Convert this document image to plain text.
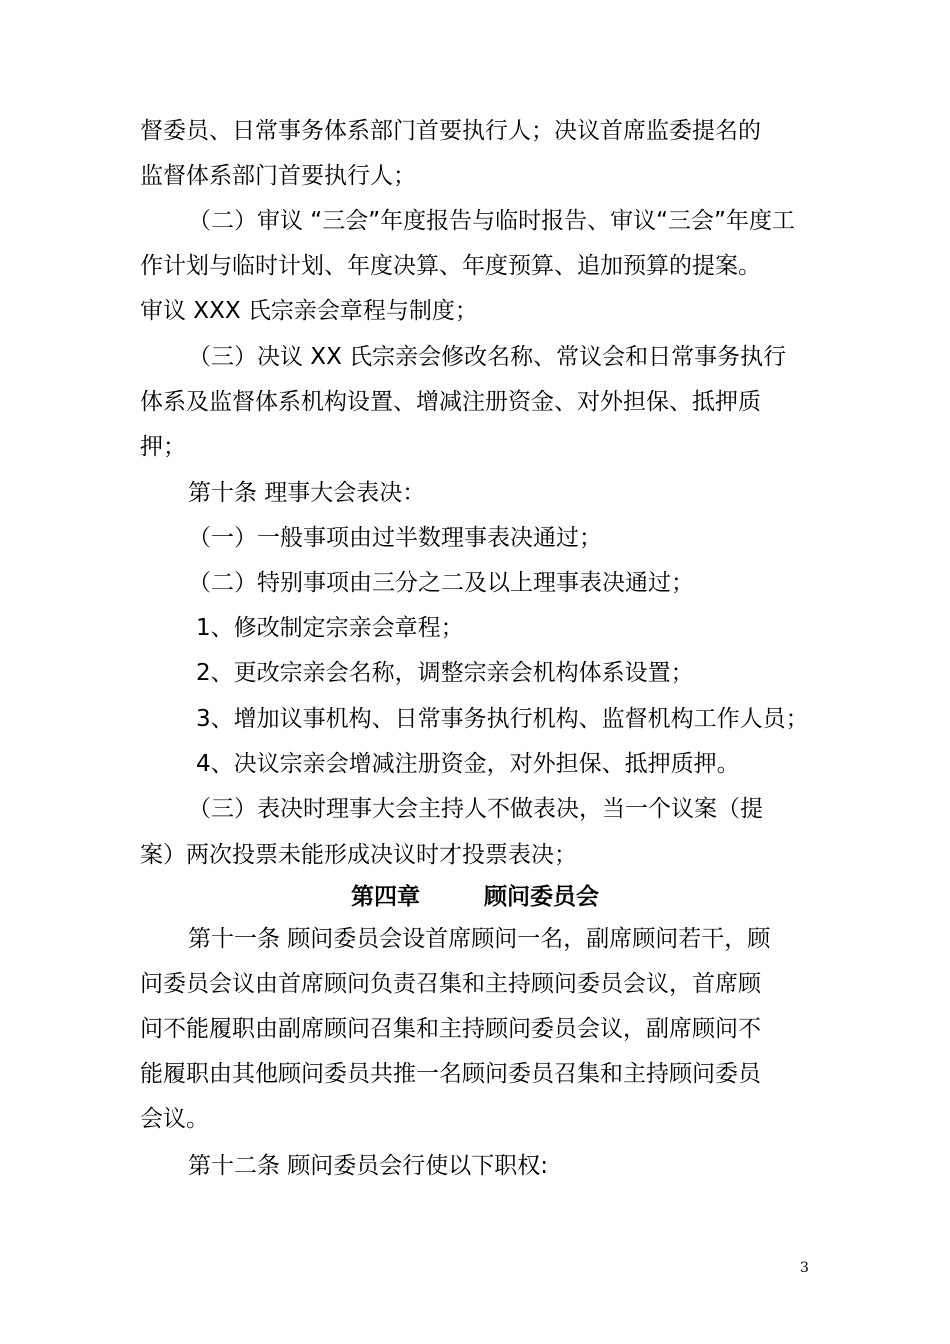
督委员、日常事务体系部门首要执行人；决议首席监委提名的
监督体系部门首要执行人；
（二）审议 “三会”年度报告与临时报告、审议“三会”年度工
作计划与临时计划、年度决算、年度预算、追加预算的提案。
审议 XXX 氏宗亲会章程与制度；
（三）决议 XX 氏宗亲会修改名称、常议会和日常事务执行
体系及监督体系机构设置、增减注册资金、对外担保、抵押质
押；
第十条 理事大会表决：
（一）一般事项由过半数理事表决通过；
（二）特别事项由三分之二及以上理事表决通过；
1、修改制定宗亲会章程；
2、更改宗亲会名称，调整宗亲会机构体系设置；
3、增加议事机构、日常事务执行机构、监督机构工作人员；
4、决议宗亲会增减注册资金，对外担保、抵押质押。
（三）表决时理事大会主持人不做表决，当一个议案（提
案）两次投票未能形成决议时才投票表决；
第四章        顾问委员会
第十一条 顾问委员会设首席顾问一名，副席顾问若干，顾
问委员会议由首席顾问负责召集和主持顾问委员会议，首席顾
问不能履职由副席顾问召集和主持顾问委员会议，副席顾问不
能履职由其他顾问委员共推一名顾问委员召集和主持顾问委员
会议。
第十二条 顾问委员会行使以下职权:
3
